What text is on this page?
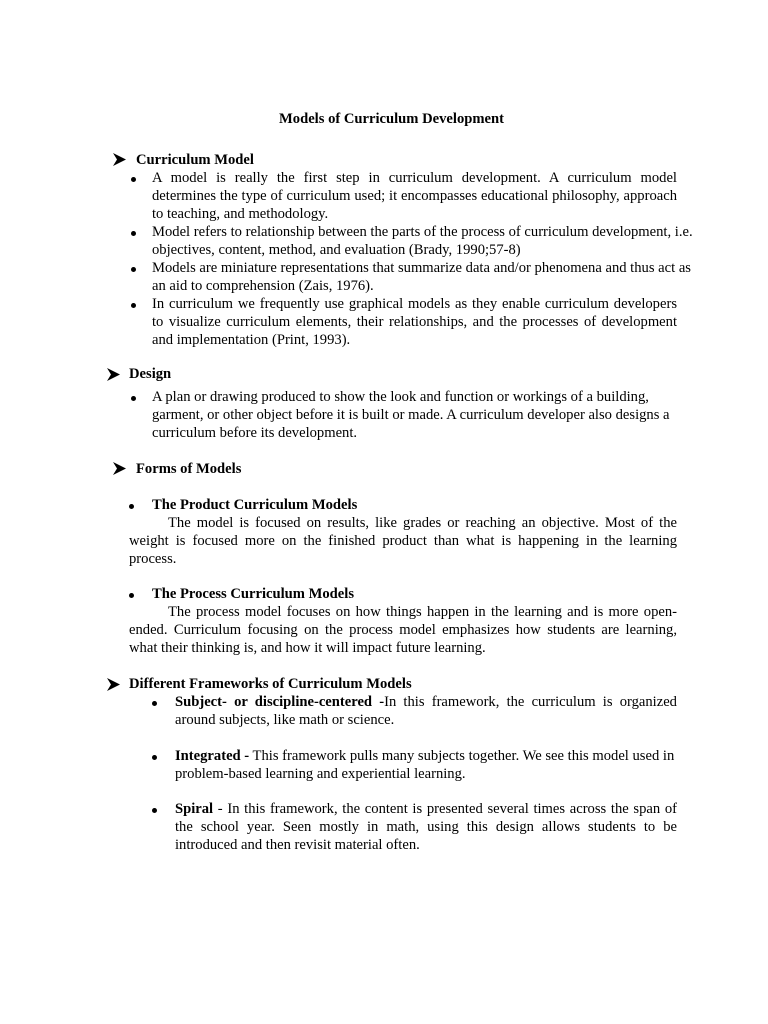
Models of Curriculum Development
Curriculum Model
A model is really the first step in curriculum development. A curriculum model determines the type of curriculum used; it encompasses educational philosophy, approach to teaching, and methodology.
Model refers to relationship between the parts of the process of curriculum development, i.e. objectives, content, method, and evaluation (Brady, 1990;57-8)
Models are miniature representations that summarize data and/or phenomena and thus act as an aid to comprehension (Zais, 1976).
In curriculum we frequently use graphical models as they enable curriculum developers to visualize curriculum elements, their relationships, and the processes of development and implementation (Print, 1993).
Design
A plan or drawing produced to show the look and function or workings of a building, garment, or other object before it is built or made. A curriculum developer also designs a curriculum before its development.
Forms of Models
The Product Curriculum Models
The model is focused on results, like grades or reaching an objective. Most of the weight is focused more on the finished product than what is happening in the learning process.
The Process Curriculum Models
The process model focuses on how things happen in the learning and is more open-ended. Curriculum focusing on the process model emphasizes how students are learning, what their thinking is, and how it will impact future learning.
Different Frameworks of Curriculum Models
Subject- or discipline-centered -In this framework, the curriculum is organized around subjects, like math or science.
Integrated - This framework pulls many subjects together. We see this model used in problem-based learning and experiential learning.
Spiral - In this framework, the content is presented several times across the span of the school year. Seen mostly in math, using this design allows students to be introduced and then revisit material often.
